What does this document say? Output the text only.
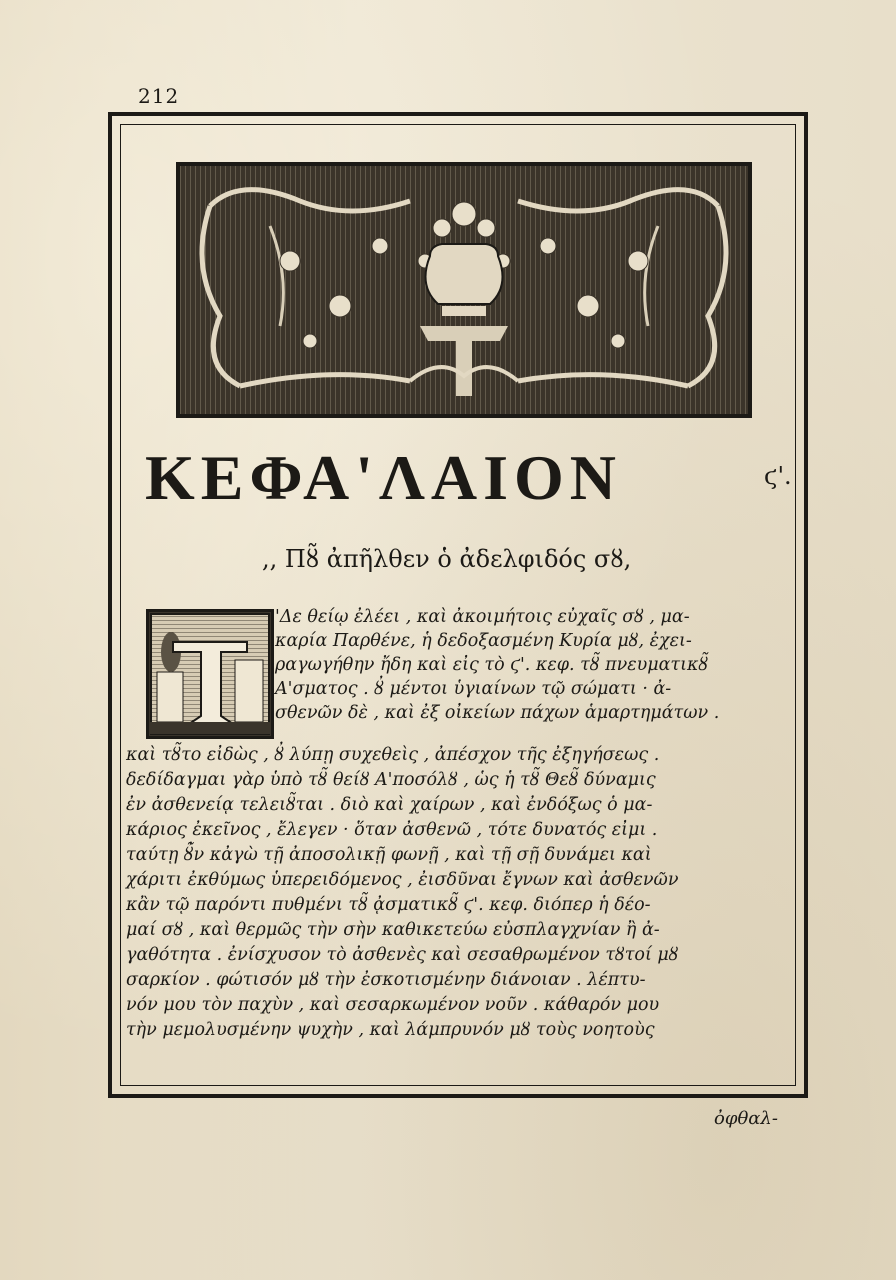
212
ΚΕΦΑ'ΛΑΙΟΝ	ϛ'.
,, Πȣ̃ ἀπῆλθεν ὁ ἀδελφιδός σȣ,
'Δε θείῳ ἐλέει , καὶ ἀκοιμήτοις εὐχαῖς σȣ , μα-
καρία Παρθένε, ἡ δεδοξασμένη Κυρία μȣ, ἐχει-
ραγωγήθην ἤδη καὶ εἰς τὸ ϛ'. κεφ. τȣ̃ πνευματικȣ̃
Α'σματος . ȣ̓ μέντοι ὑγιαίνων τῷ σώματι · ἀ-
σθενῶν δὲ , καὶ ἐξ οἰκείων πάχων ἁμαρτημάτων .
καὶ τȣ̃το εἰδὼς , ȣ̓ λύπῃ συχεθεὶς , ἀπέσχον τῆς ἐξηγήσεως .
δεδίδαγμαι γὰρ ὑπὸ τȣ̃ θείȣ Α'ποσόλȣ , ὡς ἡ τȣ̃ Θεȣ̃ δύναμις
ἐν ἀσθενείᾳ τελειȣ̃ται . διὸ καὶ χαίρων , καὶ ἐνδόξως ὁ μα-
κάριος ἐκεῖνος , ἔλεγεν · ὅταν ἀσθενῶ , τότε δυνατός εἰμι .
ταύτῃ ȣ̓̃ν κἀγὼ τῇ ἀποσολικῇ φωνῇ , καὶ τῇ σῇ δυνάμει καὶ
χάριτι ἐκθύμως ὑπερειδόμενος , ἐισδῦναι ἔγνων καὶ ἀσθενῶν
κἂν τῷ παρόντι πυθμένι τȣ̃ ᾀσματικȣ̃ ϛ'. κεφ. διόπερ ἡ δέο-
μαί σȣ , καὶ θερμῶς τὴν σὴν καθικετεύω εὐσπλαγχνίαν ἢ ἀ-
γαθότητα . ἐνίσχυσον τὸ ἀσθενὲς καὶ σεσαθρωμένον τȣτοί μȣ
σαρκίον . φώτισόν μȣ τὴν ἐσκοτισμένην διάνοιαν . λέπτυ-
νόν μου τὸν παχὺν , καὶ σεσαρκωμένον νοῦν . κάθαρόν μου
τὴν μεμολυσμένην ψυχὴν , καὶ λάμπρυνόν μȣ τοὺς νοητοὺς
ὀφθαλ-
